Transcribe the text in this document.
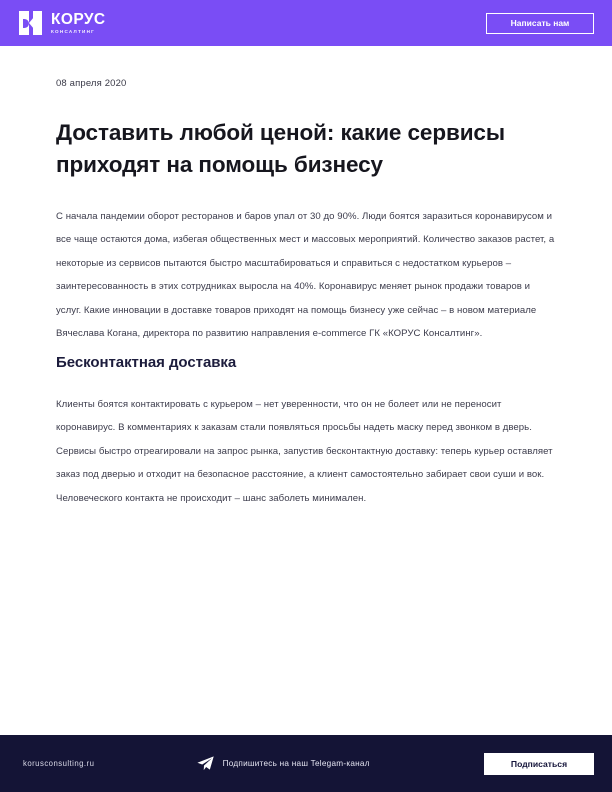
КОРУС
КОНСАЛТИНГ
Написать нам
08 апреля 2020
Доставить любой ценой: какие сервисы приходят на помощь бизнесу

С начала пандемии оборот ресторанов и баров упал от 30 до 90%. Люди боятся заразиться коронавирусом и все чаще остаются дома, избегая общественных мест и массовых мероприятий. Количество заказов растет, а некоторые из сервисов пытаются быстро масштабироваться и справиться с недостатком курьеров – заинтересованность в этих сотрудниках выросла на 40%. Коронавирус меняет рынок продажи товаров и услуг. Какие инновации в доставке товаров приходят на помощь бизнесу уже сейчас – в новом материале Вячеслава Когана, директора по развитию направления e-commerce ГК «КОРУС Консалтинг».

Бесконтактная доставка

Клиенты боятся контактировать с курьером – нет уверенности, что он не болеет или не переносит коронавирус. В комментариях к заказам стали появляться просьбы надеть маску перед звонком в дверь. Сервисы быстро отреагировали на запрос рынка, запустив бесконтактную доставку: теперь курьер оставляет заказ под дверью и отходит на безопасное расстояние, а клиент самостоятельно забирает свои суши и вок. Человеческого контакта не происходит – шанс заболеть минимален.

korusconsulting.ru	Подпишитесь на наш Telegam-канал	Подписаться
